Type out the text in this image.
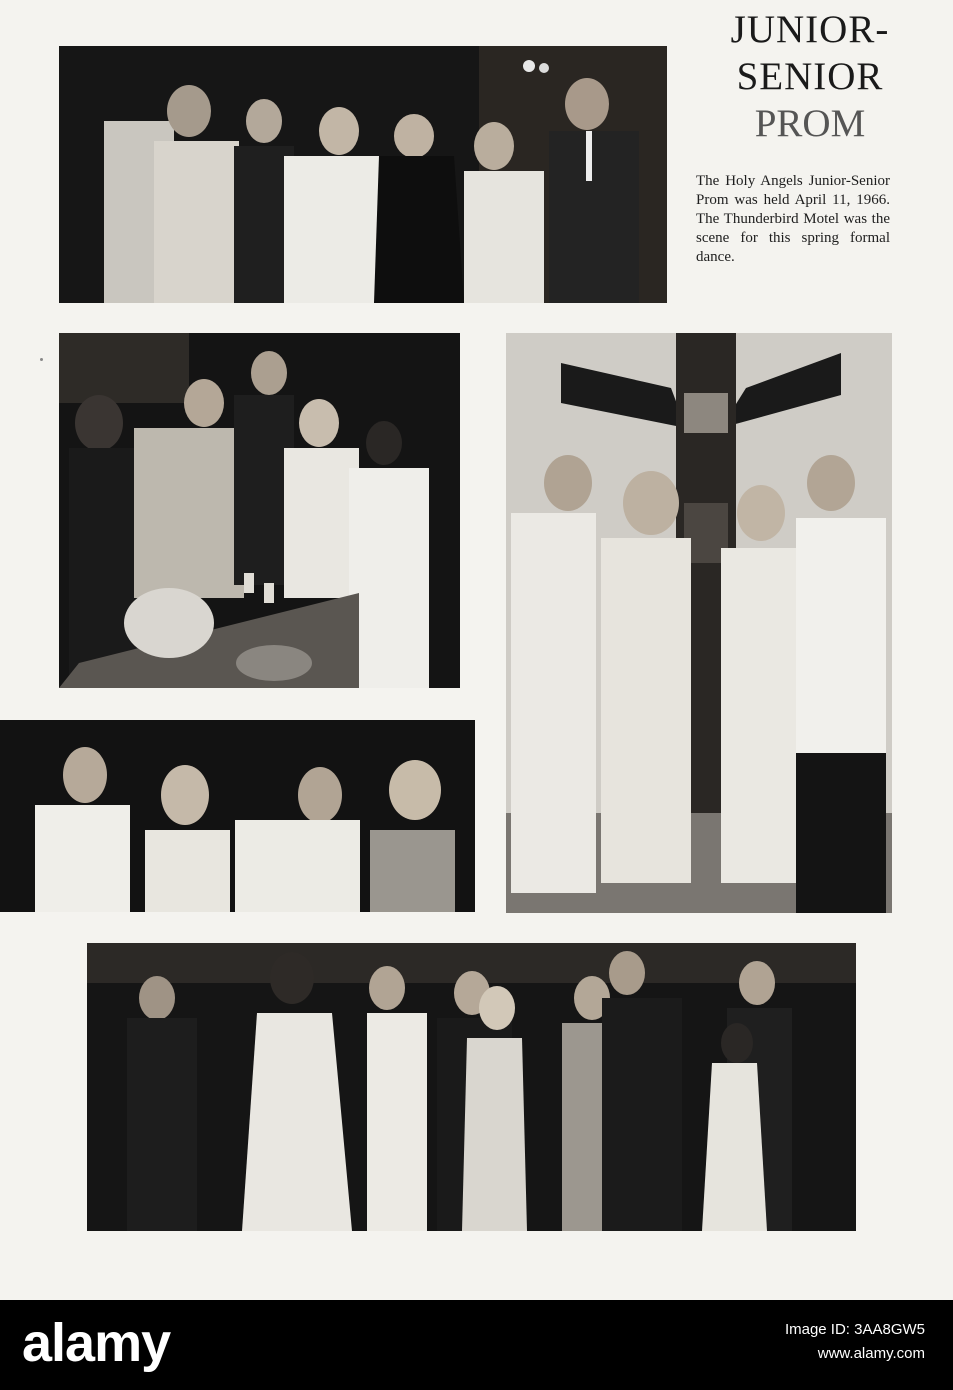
JUNIOR-
SENIOR
PROM

The Holy Angels Junior-Senior Prom was held April 11, 1966. The Thunderbird Motel was the scene for this spring formal dance.

alamy	Image ID: 3AA8GW5
www.alamy.com
